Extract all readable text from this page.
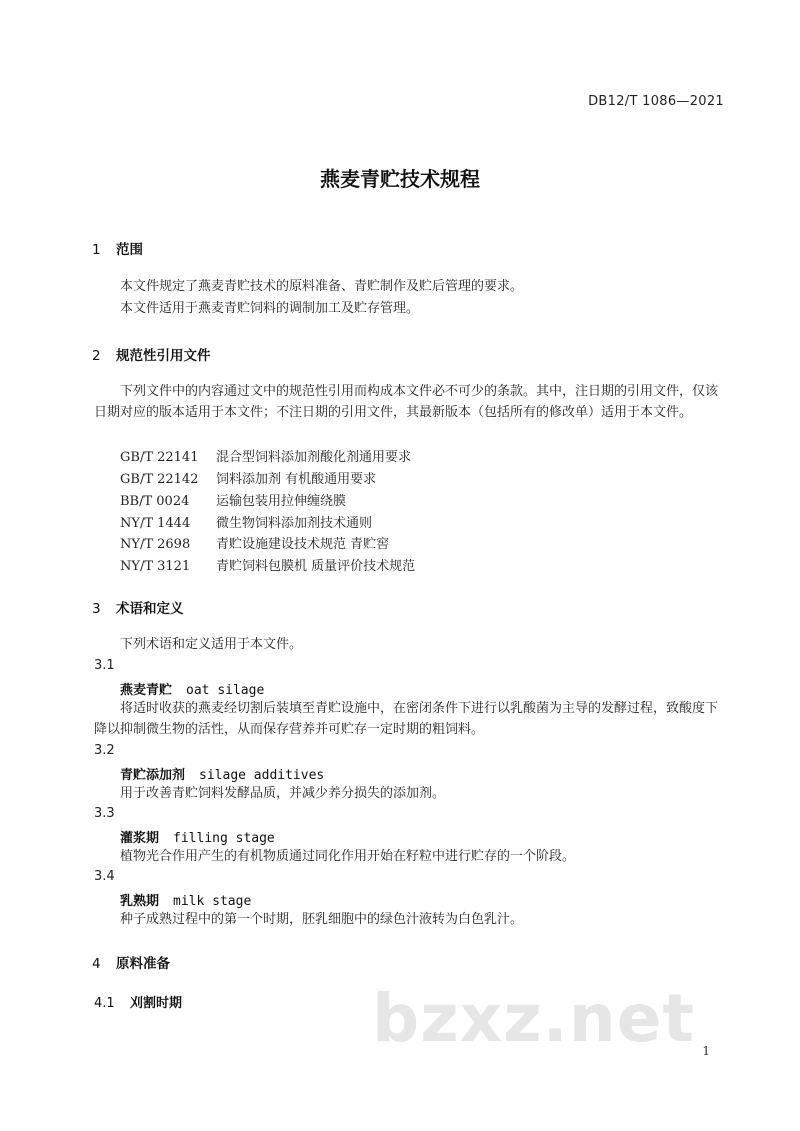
DB12/T 1086—2021
燕麦青贮技术规程
1 范围
本文件规定了燕麦青贮技术的原料准备、青贮制作及贮后管理的要求。
本文件适用于燕麦青贮饲料的调制加工及贮存管理。
2 规范性引用文件
下列文件中的内容通过文中的规范性引用而构成本文件必不可少的条款。其中，注日期的引用文件，仅该日期对应的版本适用于本文件；不注日期的引用文件，其最新版本（包括所有的修改单）适用于本文件。
GB/T 22141 混合型饲料添加剂酸化剂通用要求
GB/T 22142 饲料添加剂 有机酸通用要求
BB/T 0024 运输包装用拉伸缠绕膜
NY/T 1444 微生物饲料添加剂技术通则
NY/T 2698 青贮设施建设技术规范 青贮窖
NY/T 3121 青贮饲料包膜机 质量评价技术规范
3 术语和定义
下列术语和定义适用于本文件。
3.1
燕麦青贮 oat silage
将适时收获的燕麦经切割后装填至青贮设施中，在密闭条件下进行以乳酸菌为主导的发酵过程，致酸度下降以抑制微生物的活性，从而保存营养并可贮存一定时期的粗饲料。
3.2
青贮添加剂 silage additives
用于改善青贮饲料发酵品质，并减少养分损失的添加剂。
3.3
灌浆期 filling stage
植物光合作用产生的有机物质通过同化作用开始在籽粒中进行贮存的一个阶段。
3.4
乳熟期 milk stage
种子成熟过程中的第一个时期，胚乳细胞中的绿色汁液转为白色乳汁。
4 原料准备
4.1 刈割时期	bzxz.net 1
